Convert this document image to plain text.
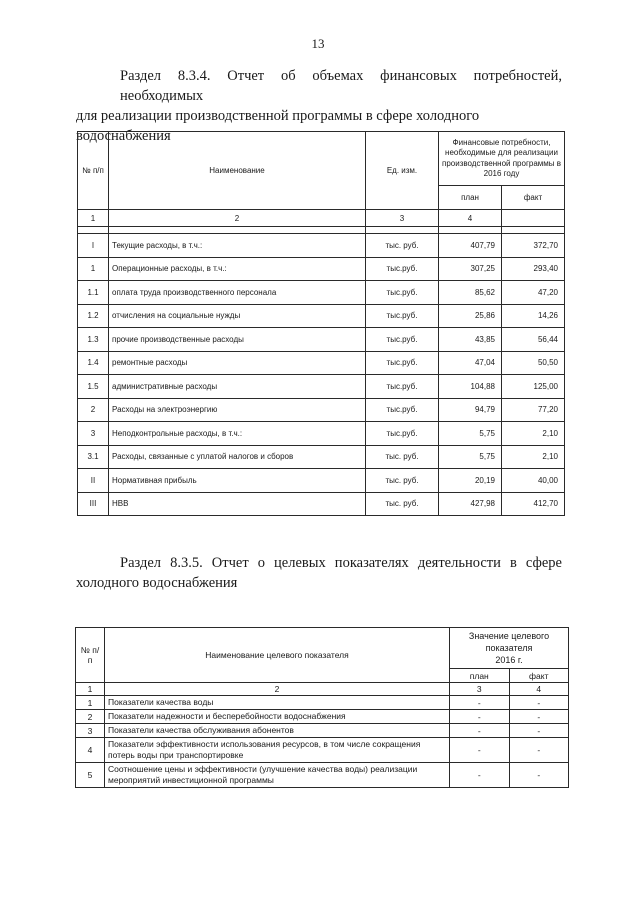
13
Раздел 8.3.4. Отчет об объемах финансовых потребностей, необходимых
для реализации производственной программы в сфере холодного водоснабжения
№ п/п	Наименование	Ед. изм.	Финансовые потребности,
необходимые для реализации
производственной программы в
2016 году	
			план	факт
1	2	3	4	

I	Текущие расходы, в т.ч.:	тыс. руб.	407,79	372,70
1	Операционные расходы, в т.ч.:	тыс.руб.	307,25	293,40
1.1	оплата труда производственного персонала	тыс.руб.	85,62	47,20
1.2	отчисления на социальные нужды	тыс.руб.	25,86	14,26
1.3	прочие производственные расходы	тыс.руб.	43,85	56,44
1.4	ремонтные расходы	тыс.руб.	47,04	50,50
1.5	административные расходы	тыс.руб.	104,88	125,00
2	Расходы на электроэнергию	тыс.руб.	94,79	77,20
3	Неподконтрольные расходы, в т.ч.:	тыс.руб.	5,75	2,10
3.1	Расходы, связанные с уплатой налогов и сборов	тыс. руб.	5,75	2,10
II	Нормативная прибыль	тыс. руб.	20,19	40,00
III	НВВ	тыс. руб.	427,98	412,70
Раздел 8.3.5. Отчет о целевых показателях деятельности в сфере
холодного водоснабжения
№ п/п	Наименование целевого показателя	Значение целевого
показателя
2016 г.	
		план	факт
1	2	3	4
1	Показатели качества воды	-	-
2	Показатели надежности и бесперебойности водоснабжения	-	-
3	Показатели качества обслуживания абонентов	-	-
4	Показатели эффективности использования ресурсов, в том числе сокращения потерь воды при транспортировке	-	-
5	Соотношение цены и эффективности (улучшение качества воды) реализации мероприятий инвестиционной программы	-	-
